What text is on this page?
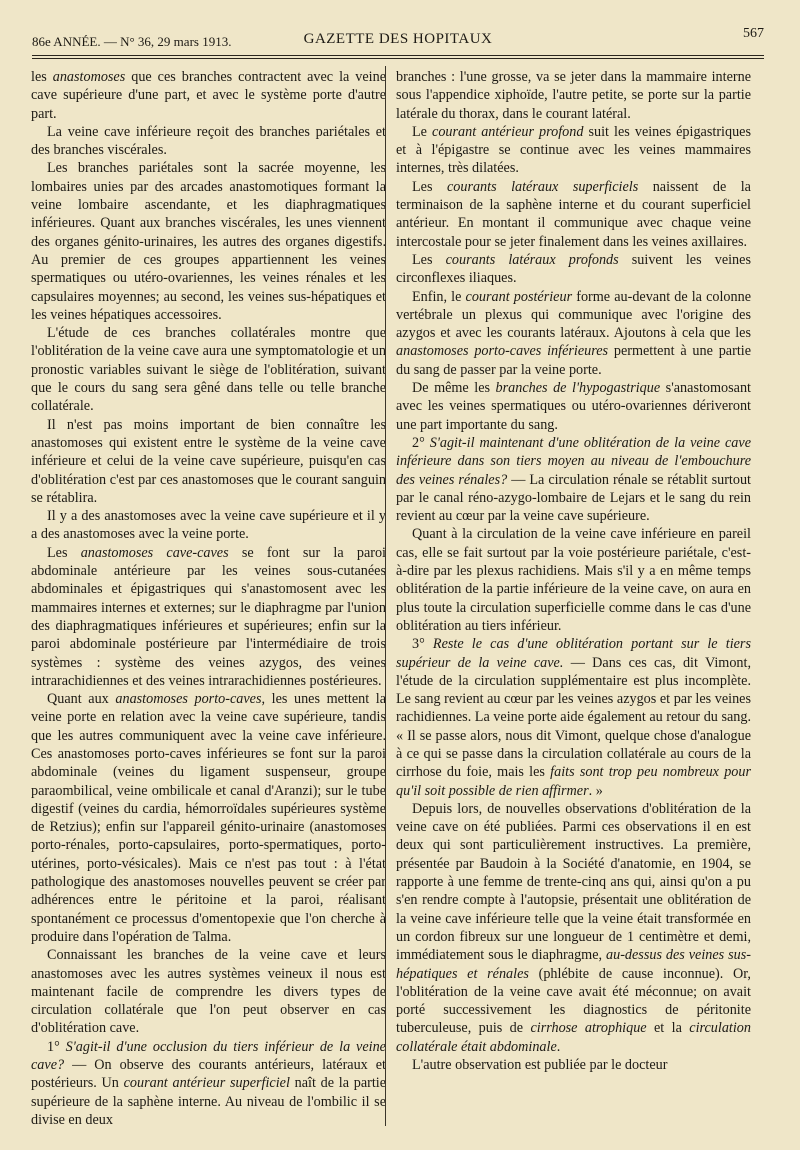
86e ANNÉE. — N° 36, 29 mars 1913.	GAZETTE DES HOPITAUX	567

les anastomoses que ces branches contractent avec la veine cave supérieure d'une part, et avec le système porte d'autre part.

La veine cave inférieure reçoit des branches pariétales et des branches viscérales.

Les branches pariétales sont la sacrée moyenne, les lombaires unies par des arcades anastomotiques formant la veine lombaire ascendante, et les diaphragmatiques inférieures. Quant aux branches viscérales, les unes viennent des organes génito-urinaires, les autres des organes digestifs. Au premier de ces groupes appartiennent les veines spermatiques ou utéro-ovariennes, les veines rénales et les capsulaires moyennes; au second, les veines sus-hépatiques et les veines hépatiques accessoires.

L'étude de ces branches collatérales montre que l'oblitération de la veine cave aura une symptomatologie et un pronostic variables suivant le siège de l'oblitération, suivant que le cours du sang sera gêné dans telle ou telle branche collatérale.

Il n'est pas moins important de bien connaître les anastomoses qui existent entre le système de la veine cave inférieure et celui de la veine cave supérieure, puisqu'en cas d'oblitération c'est par ces anastomoses que le courant sanguin se rétablira.

Il y a des anastomoses avec la veine cave supérieure et il y a des anastomoses avec la veine porte.

Les anastomoses cave-caves se font sur la paroi abdominale antérieure par les veines sous-cutanées abdominales et épigastriques qui s'anastomosent avec les mammaires internes et externes; sur le diaphragme par l'union des diaphragmatiques inférieures et supérieures; enfin sur la paroi abdominale postérieure par l'intermédiaire de trois systèmes : système des veines azygos, des veines intrarachidiennes et des veines intrarachidiennes postérieures.

Quant aux anastomoses porto-caves, les unes mettent la veine porte en relation avec la veine cave supérieure, tandis que les autres communiquent avec la veine cave inférieure. Ces anastomoses porto-caves inférieures se font sur la paroi abdominale (veines du ligament suspenseur, groupe paraombilical, veine ombilicale et canal d'Aranzi); sur le tube digestif (veines du cardia, hémorroïdales supérieures système de Retzius); enfin sur l'appareil génito-urinaire (anastomoses porto-rénales, porto-capsulaires, porto-spermatiques, porto-utérines, porto-vésicales). Mais ce n'est pas tout : à l'état pathologique des anastomoses nouvelles peuvent se créer par adhérences entre le péritoine et la paroi, réalisant spontanément ce processus d'omentopexie que l'on cherche à produire dans l'opération de Talma.

Connaissant les branches de la veine cave et leurs anastomoses avec les autres systèmes veineux il nous est maintenant facile de comprendre les divers types de circulation collatérale que l'on peut observer en cas d'oblitération cave.

1° S'agit-il d'une occlusion du tiers inférieur de la veine cave? — On observe des courants antérieurs, latéraux et postérieurs. Un courant antérieur superficiel naît de la partie supérieure de la saphène interne. Au niveau de l'ombilic il se divise en deux

branches : l'une grosse, va se jeter dans la mammaire interne sous l'appendice xiphoïde, l'autre petite, se porte sur la partie latérale du thorax, dans le courant latéral.

Le courant antérieur profond suit les veines épigastriques et à l'épigastre se continue avec les veines mammaires internes, très dilatées.

Les courants latéraux superficiels naissent de la terminaison de la saphène interne et du courant superficiel antérieur. En montant il communique avec chaque veine intercostale pour se jeter finalement dans les veines axillaires.

Les courants latéraux profonds suivent les veines circonflexes iliaques.

Enfin, le courant postérieur forme au-devant de la colonne vertébrale un plexus qui communique avec l'origine des azygos et avec les courants latéraux. Ajoutons à cela que les anastomoses porto-caves inférieures permettent à une partie du sang de passer par la veine porte.

De même les branches de l'hypogastrique s'anastomosant avec les veines spermatiques ou utéro-ovariennes dériveront une part importante du sang.

2° S'agit-il maintenant d'une oblitération de la veine cave inférieure dans son tiers moyen au niveau de l'embouchure des veines rénales? — La circulation rénale se rétablit surtout par le canal réno-azygo-lombaire de Lejars et le sang du rein revient au cœur par la veine cave supérieure.

Quant à la circulation de la veine cave inférieure en pareil cas, elle se fait surtout par la voie postérieure pariétale, c'est-à-dire par les plexus rachidiens. Mais s'il y a en même temps oblitération de la partie inférieure de la veine cave, on aura en plus toute la circulation superficielle comme dans le cas d'une oblitération au tiers inférieur.

3° Reste le cas d'une oblitération portant sur le tiers supérieur de la veine cave. — Dans ces cas, dit Vimont, l'étude de la circulation supplémentaire est plus incomplète. Le sang revient au cœur par les veines azygos et par les veines rachidiennes. La veine porte aide également au retour du sang. « Il se passe alors, nous dit Vimont, quelque chose d'analogue à ce qui se passe dans la circulation collatérale au cours de la cirrhose du foie, mais les faits sont trop peu nombreux pour qu'il soit possible de rien affirmer. »

Depuis lors, de nouvelles observations d'oblitération de la veine cave on été publiées. Parmi ces observations il en est deux qui sont particulièrement instructives. La première, présentée par Baudoin à la Société d'anatomie, en 1904, se rapporte à une femme de trente-cinq ans qui, ainsi qu'on a pu s'en rendre compte à l'autopsie, présentait une oblitération de la veine cave inférieure telle que la veine était transformée en un cordon fibreux sur une longueur de 1 centimètre et demi, immédiatement sous le diaphragme, au-dessus des veines sus-hépatiques et rénales (phlébite de cause inconnue). Or, l'oblitération de la veine cave avait été méconnue; on avait porté successivement les diagnostics de péritonite tuberculeuse, puis de cirrhose atrophique et la circulation collatérale était abdominale.

L'autre observation est publiée par le docteur
